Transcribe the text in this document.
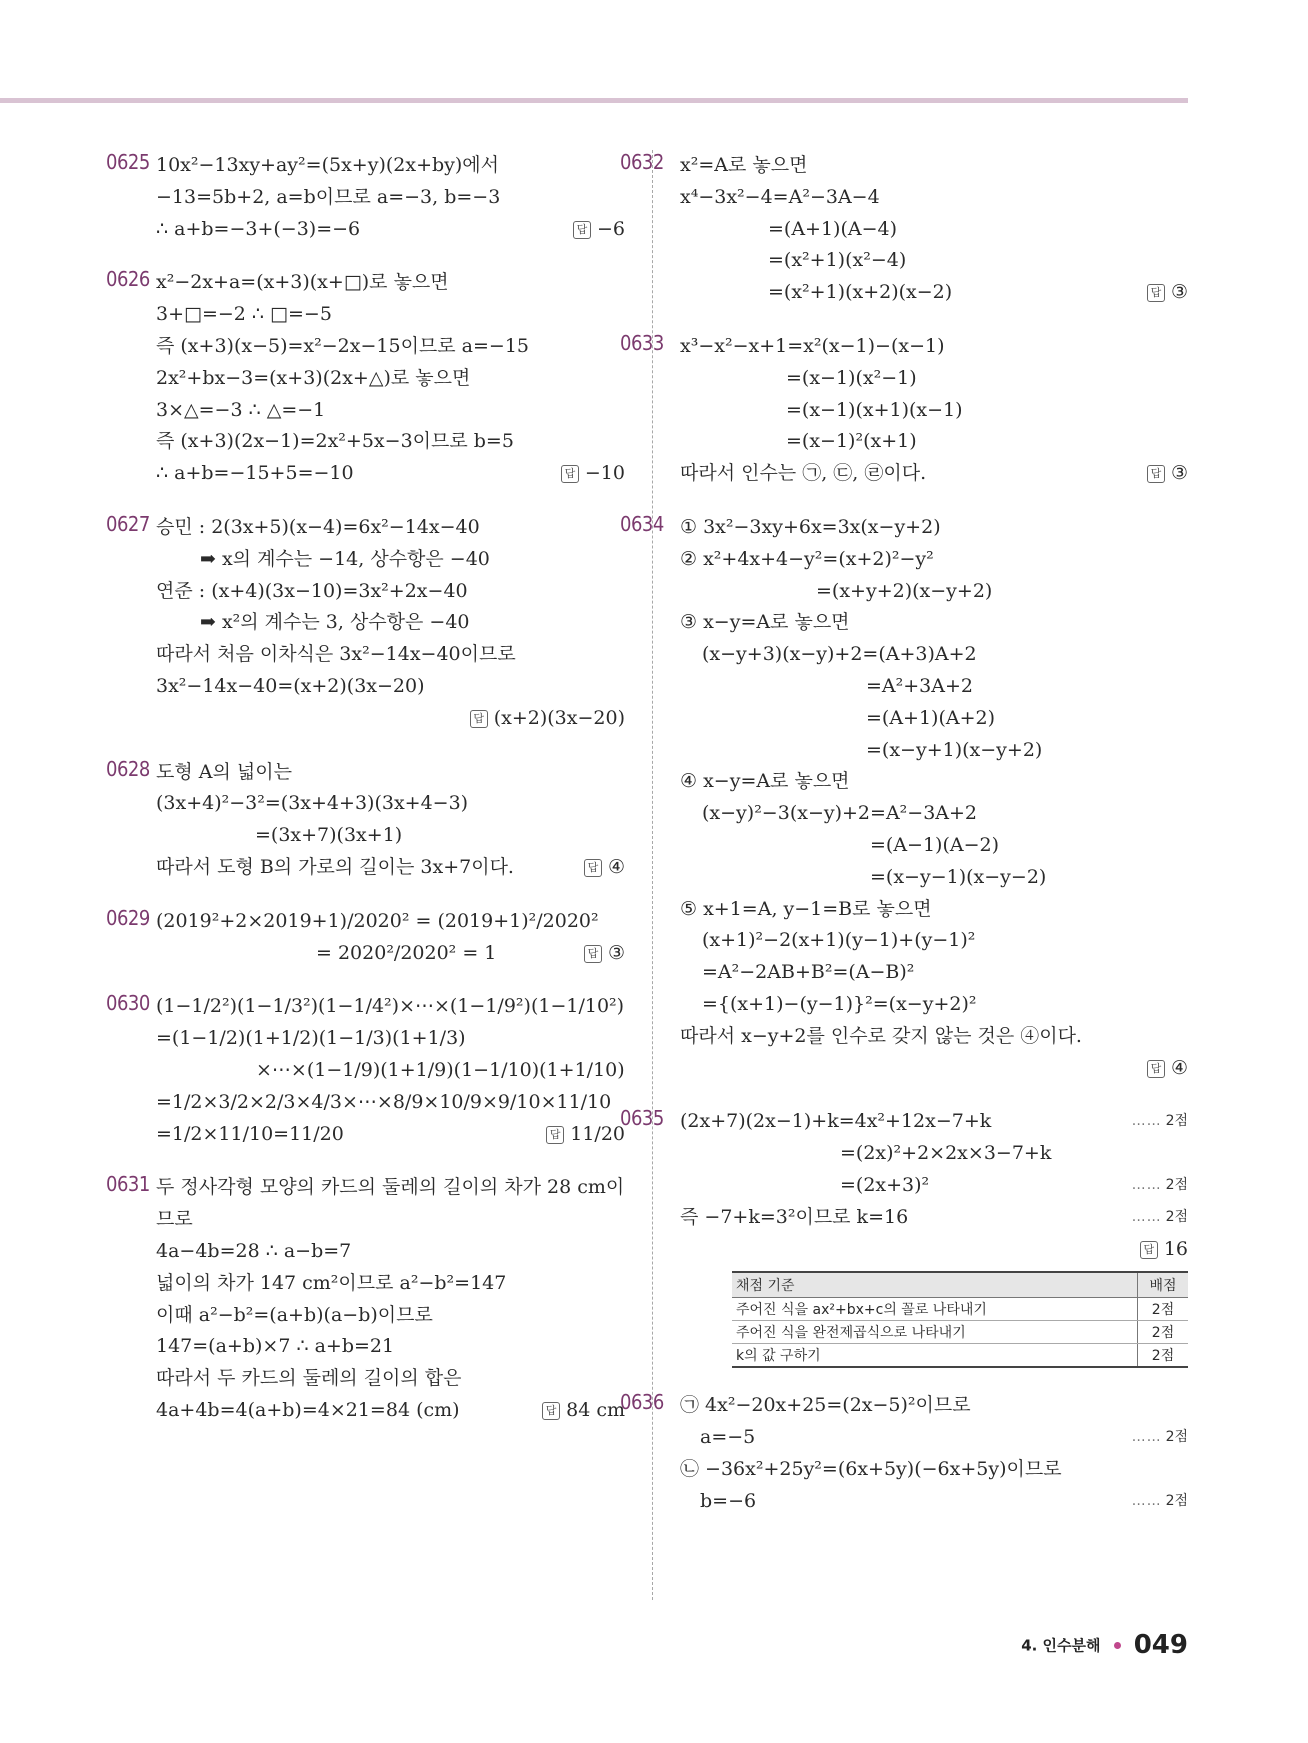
0625 10x²−13xy+ay²=(5x+y)(2x+by)에서
−13=5b+2, a=b이므로 a=−3, b=−3
∴ a+b=−3+(−3)=−6	답 −6
0626 x²−2x+a=(x+3)(x+□)로 놓으면
3+□=−2 ∴ □=−5
즉 (x+3)(x−5)=x²−2x−15이므로 a=−15
2x²+bx−3=(x+3)(2x+△)로 놓으면
3×△=−3 ∴ △=−1
즉 (x+3)(2x−1)=2x²+5x−3이므로 b=5
∴ a+b=−15+5=−10	답 −10
0627 승민 : 2(3x+5)(x−4)=6x²−14x−40
➡ x의 계수는 −14, 상수항은 −40
연준 : (x+4)(3x−10)=3x²+2x−40
➡ x²의 계수는 3, 상수항은 −40
따라서 처음 이차식은 3x²−14x−40이므로
3x²−14x−40=(x+2)(3x−20)
답 (x+2)(3x−20)
0628 도형 A의 넓이는
(3x+4)²−3²=(3x+4+3)(3x+4−3)
=(3x+7)(3x+1)
따라서 도형 B의 가로의 길이는 3x+7이다.	답 ④
0629 (2019²+2×2019+1)/2020² = (2019+1)²/2020²
= 2020²/2020² = 1	답 ③
0630 (1−1/2²)(1−1/3²)(1−1/4²)×⋯×(1−1/9²)(1−1/10²)
=(1−1/2)(1+1/2)(1−1/3)(1+1/3)
×⋯×(1−1/9)(1+1/9)(1−1/10)(1+1/10)
=1/2×3/2×2/3×4/3×⋯×8/9×10/9×9/10×11/10
=1/2×11/10=11/20	답 11/20
0631 두 정사각형 모양의 카드의 둘레의 길이의 차가 28 cm이
므로
4a−4b=28 ∴ a−b=7
넓이의 차가 147 cm²이므로 a²−b²=147
이때 a²−b²=(a+b)(a−b)이므로
147=(a+b)×7 ∴ a+b=21
따라서 두 카드의 둘레의 길이의 합은
4a+4b=4(a+b)=4×21=84 (cm)	답 84 cm
0632 x²=A로 놓으면
x⁴−3x²−4=A²−3A−4
=(A+1)(A−4)
=(x²+1)(x²−4)
=(x²+1)(x+2)(x−2)	답 ③
0633 x³−x²−x+1=x²(x−1)−(x−1)
=(x−1)(x²−1)
=(x−1)(x+1)(x−1)
=(x−1)²(x+1)
따라서 인수는 ㉠, ㉢, ㉣이다.	답 ③
0634 ① 3x²−3xy+6x=3x(x−y+2)
② x²+4x+4−y²=(x+2)²−y²
=(x+y+2)(x−y+2)
③ x−y=A로 놓으면
(x−y+3)(x−y)+2=(A+3)A+2
=A²+3A+2
=(A+1)(A+2)
=(x−y+1)(x−y+2)
④ x−y=A로 놓으면
(x−y)²−3(x−y)+2=A²−3A+2
=(A−1)(A−2)
=(x−y−1)(x−y−2)
⑤ x+1=A, y−1=B로 놓으면
(x+1)²−2(x+1)(y−1)+(y−1)²
=A²−2AB+B²=(A−B)²
={(x+1)−(y−1)}²=(x−y+2)²
따라서 x−y+2를 인수로 갖지 않는 것은 ④이다.
답 ④
0635 (2x+7)(2x−1)+k=4x²+12x−7+k	…… 2점
=(2x)²+2×2x×3−7+k
=(2x+3)²	…… 2점
즉 −7+k=3²이므로 k=16	…… 2점
답 16
채점 기준	배점
주어진 식을 ax²+bx+c의 꼴로 나타내기	2점
주어진 식을 완전제곱식으로 나타내기	2점
k의 값 구하기	2점
0636 ㉠ 4x²−20x+25=(2x−5)²이므로
a=−5	…… 2점
㉡ −36x²+25y²=(6x+5y)(−6x+5y)이므로
b=−6	…… 2점
4. 인수분해 049
